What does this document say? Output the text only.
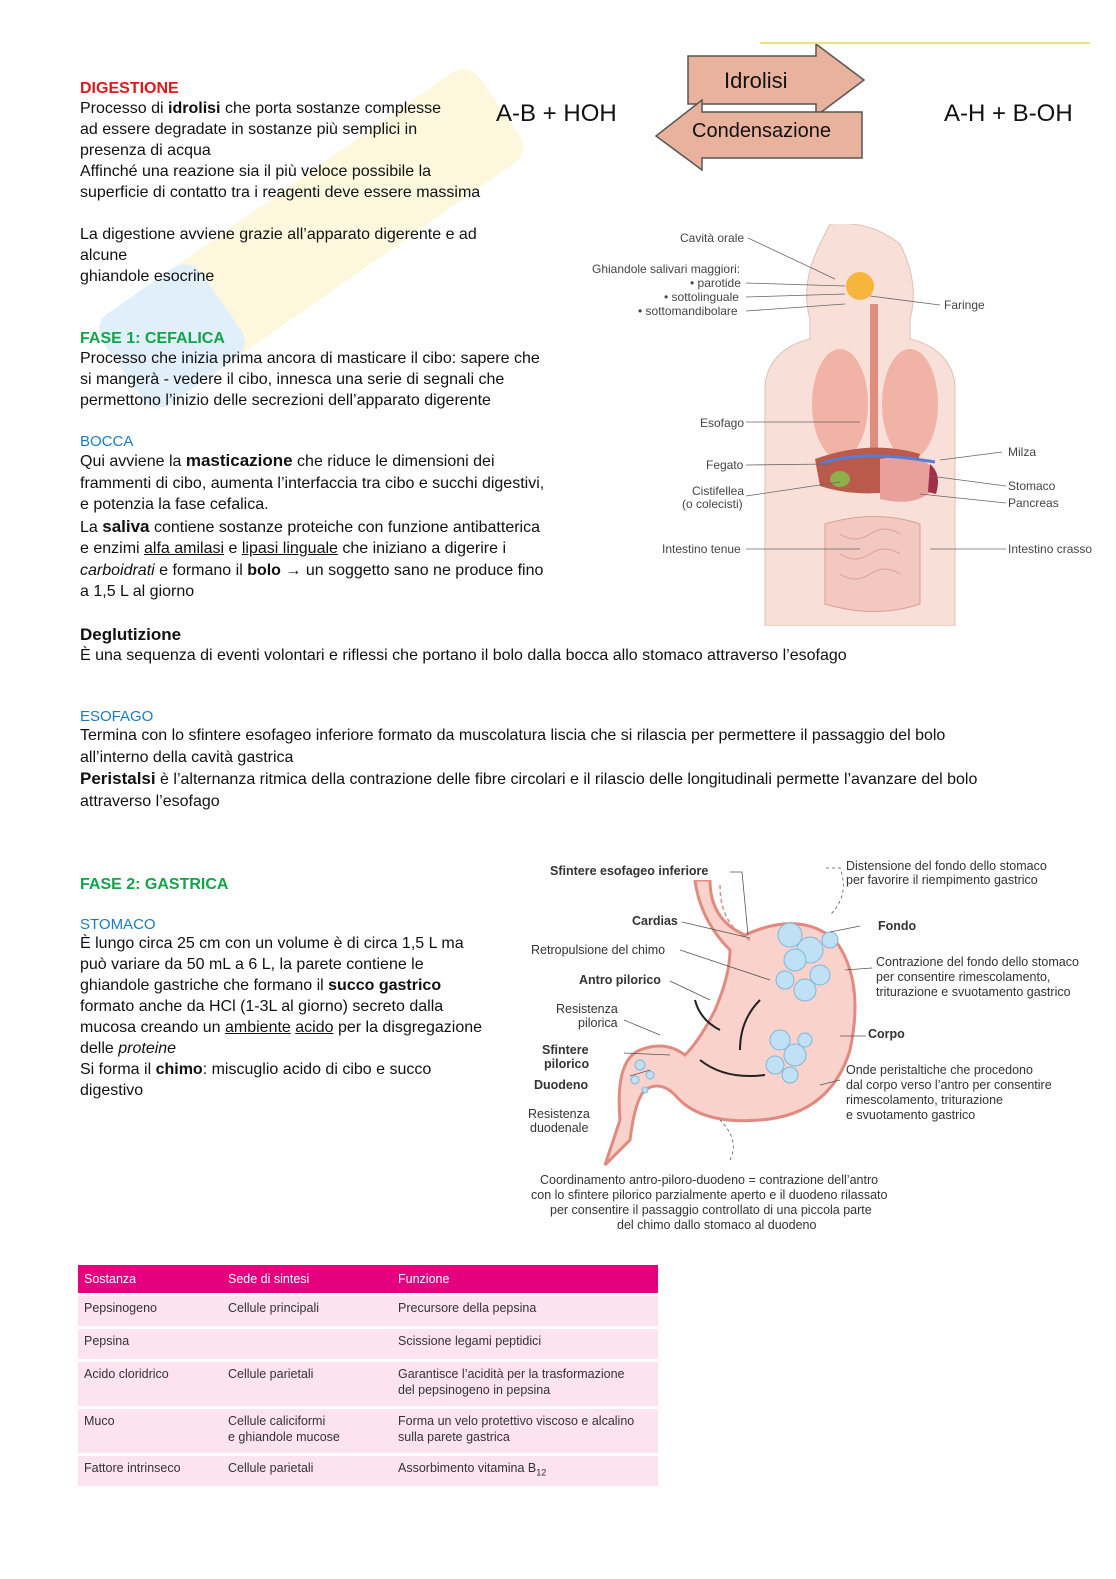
DIGESTIONE

Processo di idrolisi che porta sostanze complesse
ad essere degradate in sostanze più semplici in
presenza di acqua
Affinché una reazione sia il più veloce possibile la
superficie di contatto tra i reagenti deve essere massima

La digestione avviene grazie all’apparato digerente e ad alcune
ghiandole esocrine

A-B + HOH	A-H + B-OH
Idrolisi
Condensazione
FASE 1: CEFALICA

Processo che inizia prima ancora di masticare il cibo: sapere che
si mangerà - vedere il cibo, innesca una serie di segnali che
permettono l’inizio delle secrezioni dell’apparato digerente

BOCCA

Qui avviene la masticazione che riduce le dimensioni dei
frammenti di cibo, aumenta l’interfaccia tra cibo e succhi digestivi,
e potenzia la fase cefalica.
La saliva contiene sostanze proteiche con funzione antibatterica
e enzimi alfa amilasi e lipasi linguale che iniziano a digerire i
carboidrati e formano il bolo → un soggetto sano ne produce fino
a 1,5 L al giorno

Cavità orale
Ghiandole salivari maggiori:
• parotide
• sottolinguale
• sottomandibolare	Faringe
Esofago
Fegato
Cistifellea
(o colecisti)
Intestino tenue
Milza
Stomaco
Pancreas
Intestino crasso
Deglutizione

È una sequenza di eventi volontari e riflessi che portano il bolo dalla bocca allo stomaco attraverso l’esofago

ESOFAGO

Termina con lo sfintere esofageo inferiore formato da muscolatura liscia che si rilascia per permettere il passaggio del bolo
all’interno della cavità gastrica
Peristalsi è l’alternanza ritmica della contrazione delle fibre circolari e il rilascio delle longitudinali permette l’avanzare del bolo
attraverso l’esofago

FASE 2: GASTRICA
STOMACO

È lungo circa 25 cm con un volume è di circa 1,5 L ma
può variare da 50 mL a 6 L, la parete contiene le
ghiandole gastriche che formano il succo gastrico
formato anche da HCl (1-3L al giorno) secreto dalla
mucosa creando un ambiente acido per la disgregazione
delle proteine
Si forma il chimo: miscuglio acido di cibo e succo
digestivo

Sfintere esofageo inferiore	Distensione del fondo dello stomaco
per favorire il riempimento gastrico
Cardias	Fondo
Retropulsione del chimo
Contrazione del fondo dello stomaco
per consentire rimescolamento,
triturazione e svuotamento gastrico
Antro pilorico
Resistenza
pilorica
Corpo
Sfintere
pilorico	Onde peristaltiche che procedono
dal corpo verso l’antro per consentire
rimescolamento, triturazione
e svuotamento gastrico
Duodeno
Resistenza
duodenale
Coordinamento antro-piloro-duodeno = contrazione dell’antro
con lo sfintere pilorico parzialmente aperto e il duodeno rilassato
per consentire il passaggio controllato di una piccola parte
del chimo dallo stomaco al duodeno
Sostanza	Sede di sintesi	Funzione
Pepsinogeno	Cellule principali	Precursore della pepsina
Pepsina		Scissione legami peptidici
Acido cloridrico	Cellule parietali	Garantisce l’acidità per la trasformazione
del pepsinogeno in pepsina
Muco	Cellule caliciformi
e ghiandole mucose	Forma un velo protettivo viscoso e alcalino
sulla parete gastrica
Fattore intrinseco	Cellule parietali	Assorbimento vitamina $B_{12}$
